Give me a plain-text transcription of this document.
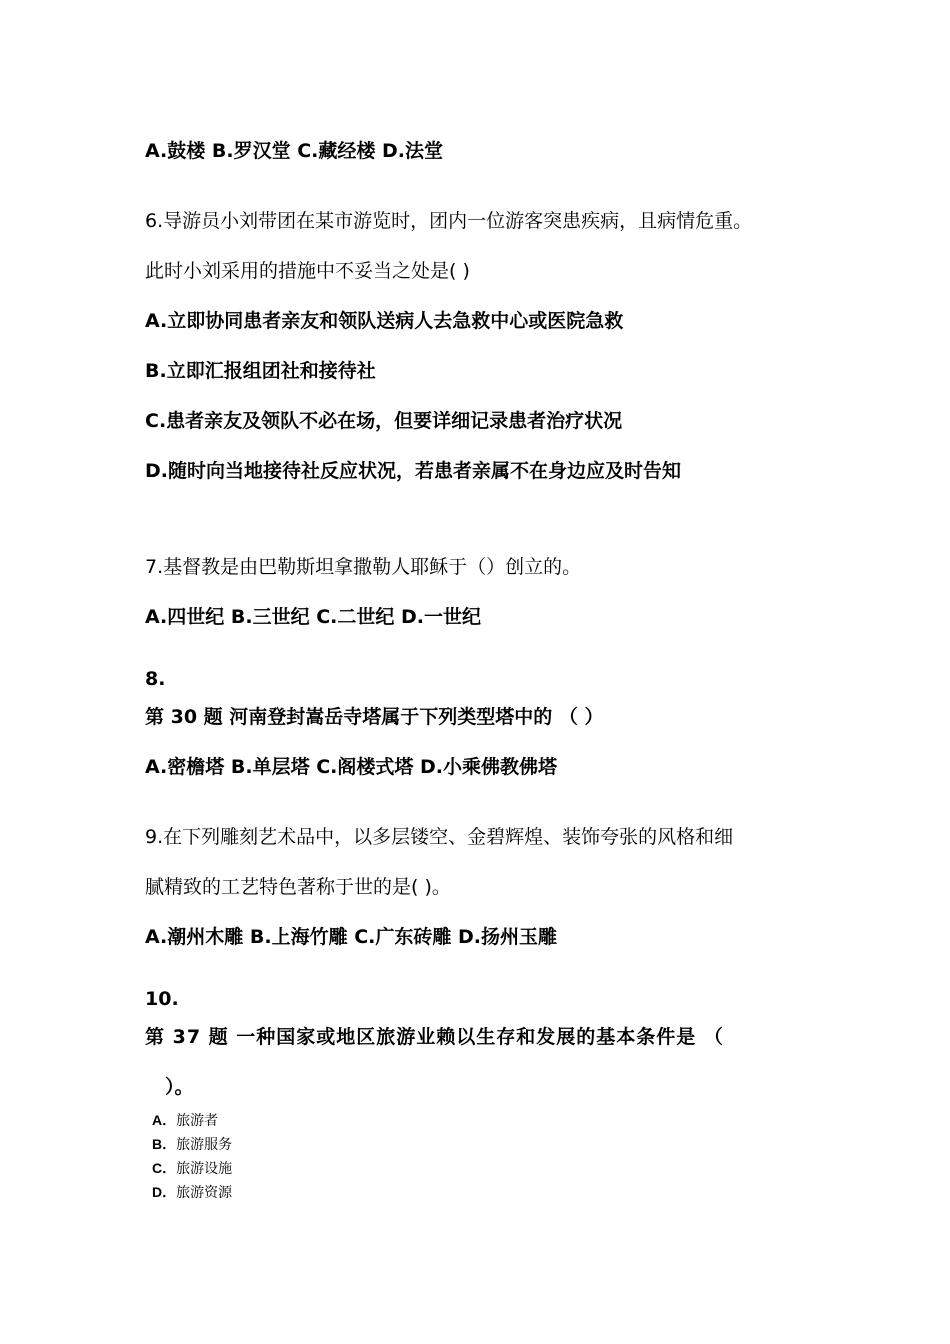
A.鼓楼 B.罗汉堂 C.藏经楼 D.法堂
6.导游员小刘带团在某市游览时，团内一位游客突患疾病，且病情危重。
此时小刘采用的措施中不妥当之处是( )
A.立即协同患者亲友和领队送病人去急救中心或医院急救
B.立即汇报组团社和接待社
C.患者亲友及领队不必在场，但要详细记录患者治疗状况
D.随时向当地接待社反应状况，若患者亲属不在身边应及时告知
7.基督教是由巴勒斯坦拿撒勒人耶稣于（）创立的。
A.四世纪 B.三世纪 C.二世纪 D.一世纪
8.
第 30 题 河南登封嵩岳寺塔属于下列类型塔中的 （ ）
A.密檐塔 B.单层塔 C.阁楼式塔 D.小乘佛教佛塔
9.在下列雕刻艺术品中，以多层镂空、金碧辉煌、装饰夸张的风格和细
腻精致的工艺特色著称于世的是( )。
A.潮州木雕 B.上海竹雕 C.广东砖雕 D.扬州玉雕
10.
第 37 题 一种国家或地区旅游业赖以生存和发展的基本条件是 （
）。
A．旅游者
B．旅游服务
C．旅游设施
D．旅游资源
